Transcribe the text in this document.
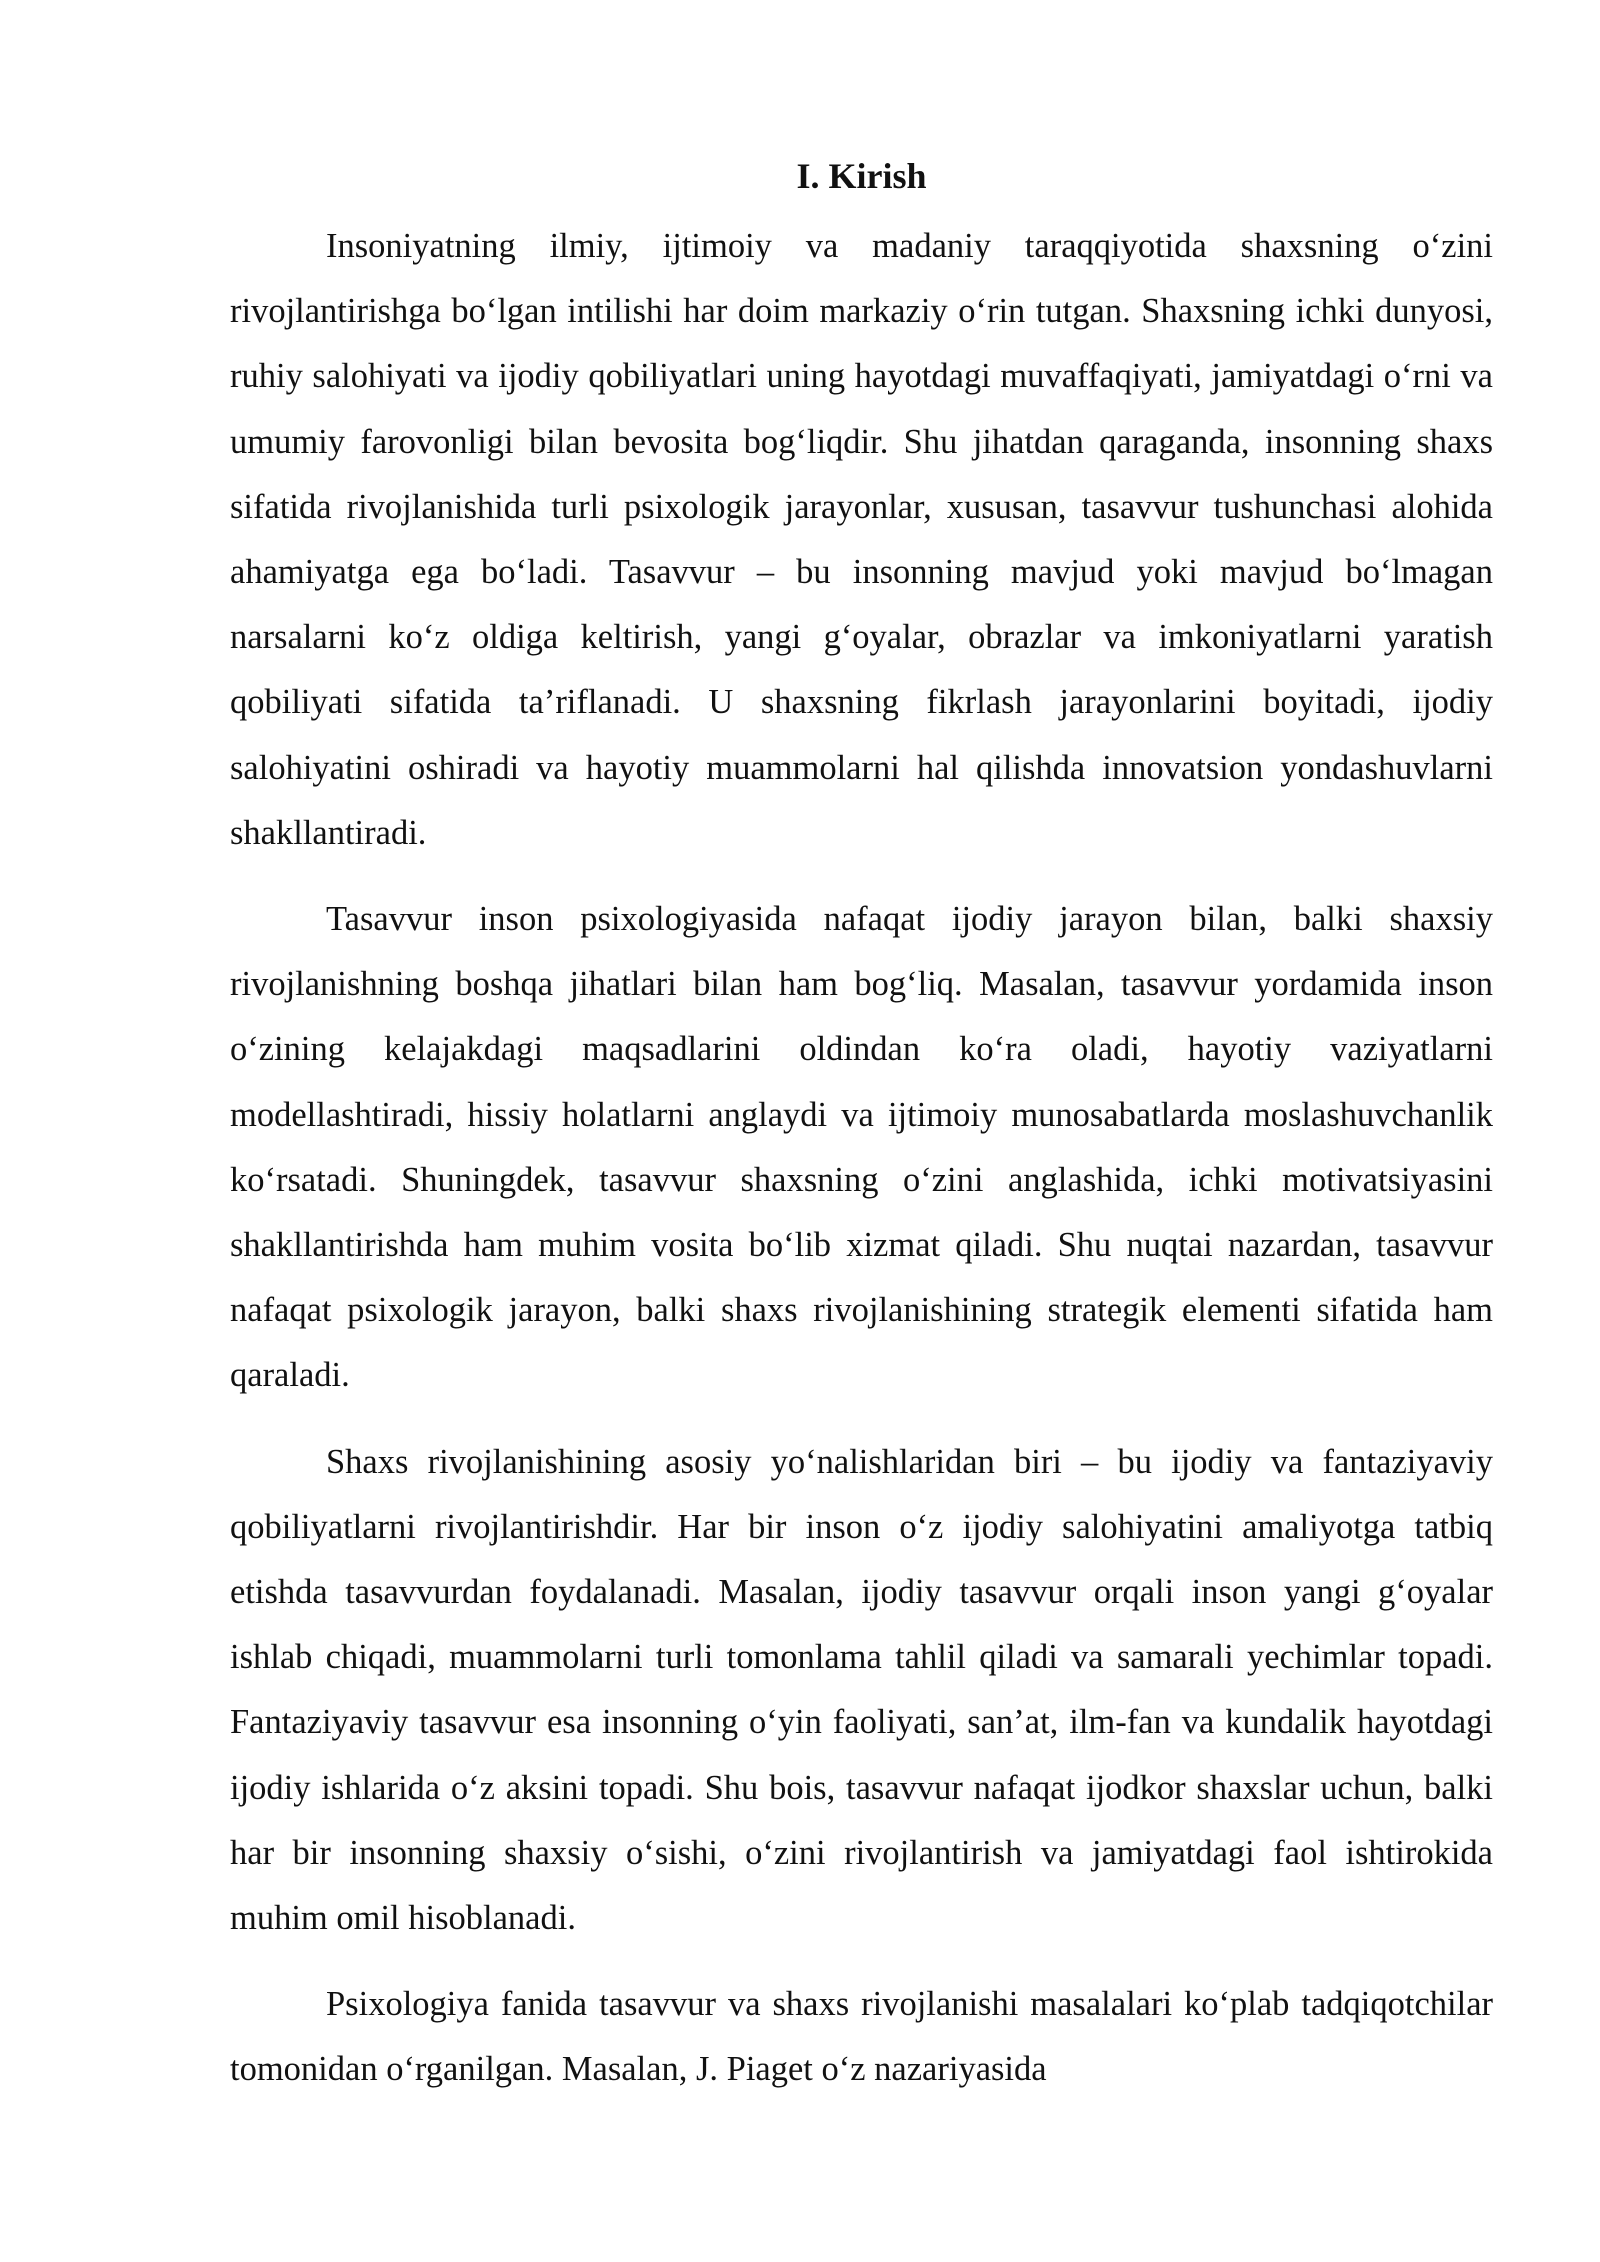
I. Kirish

Insoniyatning ilmiy, ijtimoiy va madaniy taraqqiyotida shaxsning o‘zini rivojlantirishga bo‘lgan intilishi har doim markaziy o‘rin tutgan. Shaxsning ichki dunyosi, ruhiy salohiyati va ijodiy qobiliyatlari uning hayotdagi muvaffaqiyati, jamiyatdagi o‘rni va umumiy farovonligi bilan bevosita bog‘liqdir. Shu jihatdan qaraganda, insonning shaxs sifatida rivojlanishida turli psixologik jarayonlar, xususan, tasavvur tushunchasi alohida ahamiyatga ega bo‘ladi. Tasavvur – bu insonning mavjud yoki mavjud bo‘lmagan narsalarni ko‘z oldiga keltirish, yangi g‘oyalar, obrazlar va imkoniyatlarni yaratish qobiliyati sifatida ta’riflanadi. U shaxsning fikrlash jarayonlarini boyitadi, ijodiy salohiyatini oshiradi va hayotiy muammolarni hal qilishda innovatsion yondashuvlarni shakllantiradi.

Tasavvur inson psixologiyasida nafaqat ijodiy jarayon bilan, balki shaxsiy rivojlanishning boshqa jihatlari bilan ham bog‘liq. Masalan, tasavvur yordamida inson o‘zining kelajakdagi maqsadlarini oldindan ko‘ra oladi, hayotiy vaziyatlarni modellashtiradi, hissiy holatlarni anglaydi va ijtimoiy munosabatlarda moslashuvchanlik ko‘rsatadi. Shuningdek, tasavvur shaxsning o‘zini anglashida, ichki motivatsiyasini shakllantirishda ham muhim vosita bo‘lib xizmat qiladi. Shu nuqtai nazardan, tasavvur nafaqat psixologik jarayon, balki shaxs rivojlanishining strategik elementi sifatida ham qaraladi.

Shaxs rivojlanishining asosiy yo‘nalishlaridan biri – bu ijodiy va fantaziyaviy qobiliyatlarni rivojlantirishdir. Har bir inson o‘z ijodiy salohiyatini amaliyotga tatbiq etishda tasavvurdan foydalanadi. Masalan, ijodiy tasavvur orqali inson yangi g‘oyalar ishlab chiqadi, muammolarni turli tomonlama tahlil qiladi va samarali yechimlar topadi. Fantaziyaviy tasavvur esa insonning o‘yin faoliyati, san’at, ilm-fan va kundalik hayotdagi ijodiy ishlarida o‘z aksini topadi. Shu bois, tasavvur nafaqat ijodkor shaxslar uchun, balki har bir insonning shaxsiy o‘sishi, o‘zini rivojlantirish va jamiyatdagi faol ishtirokida muhim omil hisoblanadi.

Psixologiya fanida tasavvur va shaxs rivojlanishi masalalari ko‘plab tadqiqotchilar tomonidan o‘rganilgan. Masalan, J. Piaget o‘z nazariyasida
